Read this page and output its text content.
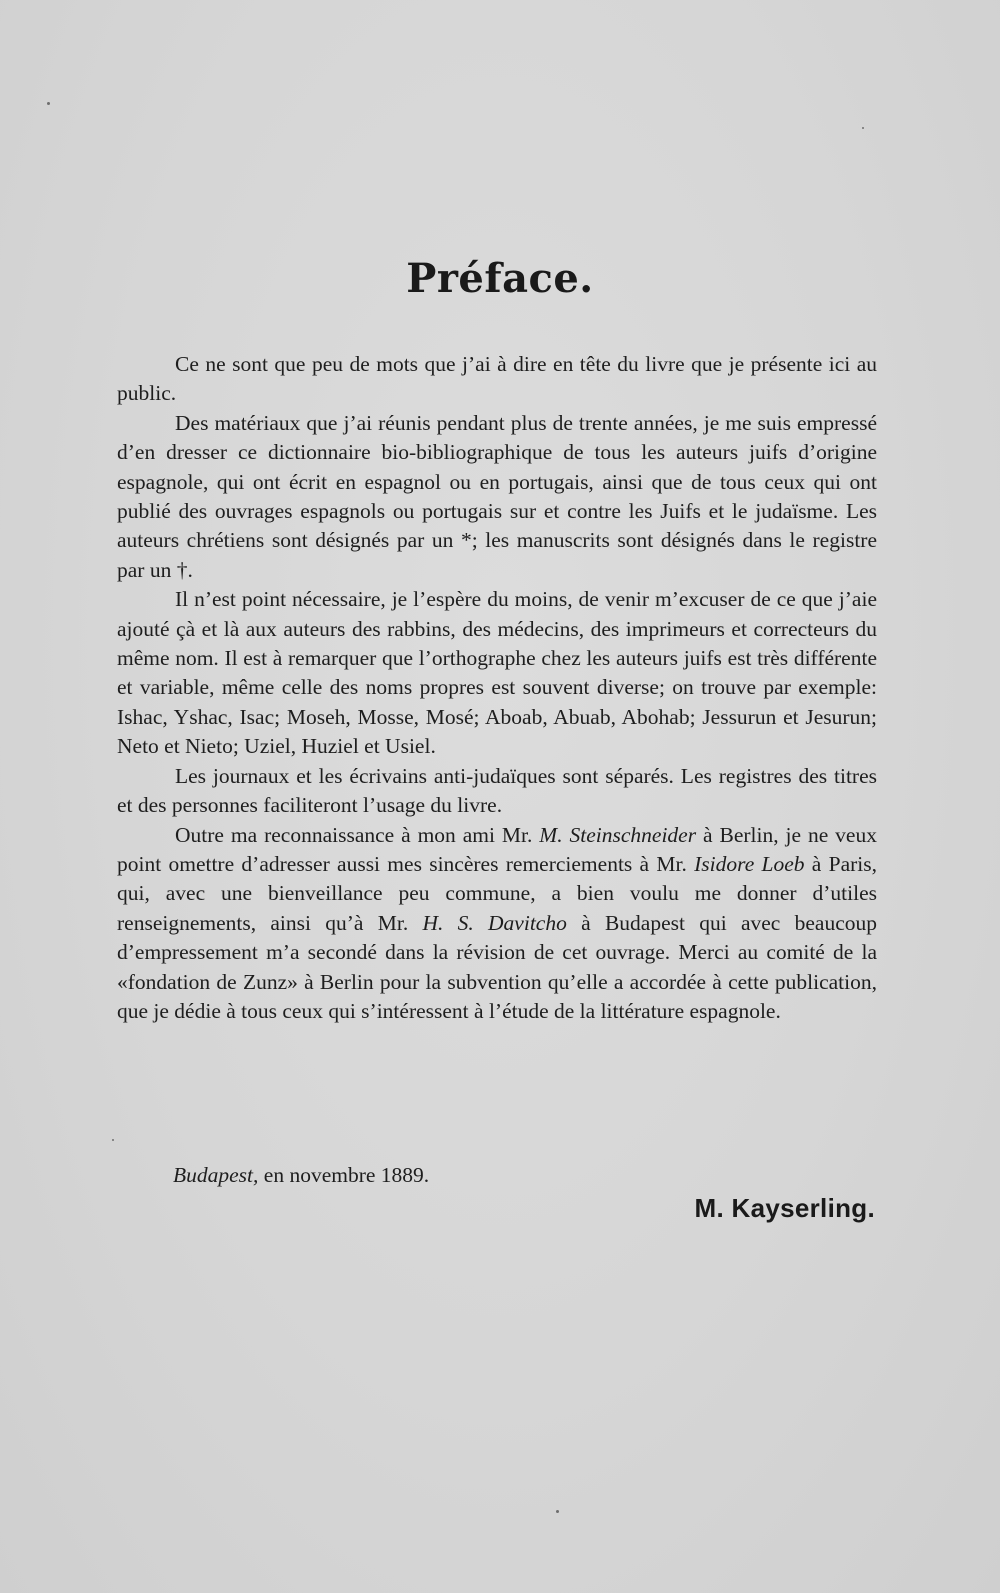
Préface.

Ce ne sont que peu de mots que j’ai à dire en tête du livre que je présente ici au public.

Des matériaux que j’ai réunis pendant plus de trente années, je me suis empressé d’en dresser ce dictionnaire bio-bibliographique de tous les auteurs juifs d’origine espagnole, qui ont écrit en espagnol ou en portugais, ainsi que de tous ceux qui ont publié des ouvrages espagnols ou portugais sur et contre les Juifs et le judaïsme. Les auteurs chrétiens sont désignés par un *; les manuscrits sont désignés dans le registre par un †.

Il n’est point nécessaire, je l’espère du moins, de venir m’excuser de ce que j’aie ajouté çà et là aux auteurs des rabbins, des médecins, des imprimeurs et correcteurs du même nom. Il est à remarquer que l’orthographe chez les auteurs juifs est très différente et variable, même celle des noms propres est souvent diverse; on trouve par exemple: Ishac, Yshac, Isac; Moseh, Mosse, Mosé; Aboab, Abuab, Abohab; Jessurun et Jesurun; Neto et Nieto; Uziel, Huziel et Usiel.

Les journaux et les écrivains anti-judaïques sont séparés. Les registres des titres et des personnes faciliteront l’usage du livre.

Outre ma reconnaissance à mon ami Mr. M. Steinschneider à Berlin, je ne veux point omettre d’adresser aussi mes sincères remerciements à Mr. Isidore Loeb à Paris, qui, avec une bienveillance peu commune, a bien voulu me donner d’utiles renseignements, ainsi qu’à Mr. H. S. Davitcho à Budapest qui avec beaucoup d’empressement m’a secondé dans la révision de cet ouvrage. Merci au comité de la «fondation de Zunz» à Berlin pour la subvention qu’elle a accordée à cette publication, que je dédie à tous ceux qui s’intéressent à l’étude de la littérature espagnole.

Budapest, en novembre 1889.
M. Kayserling.
